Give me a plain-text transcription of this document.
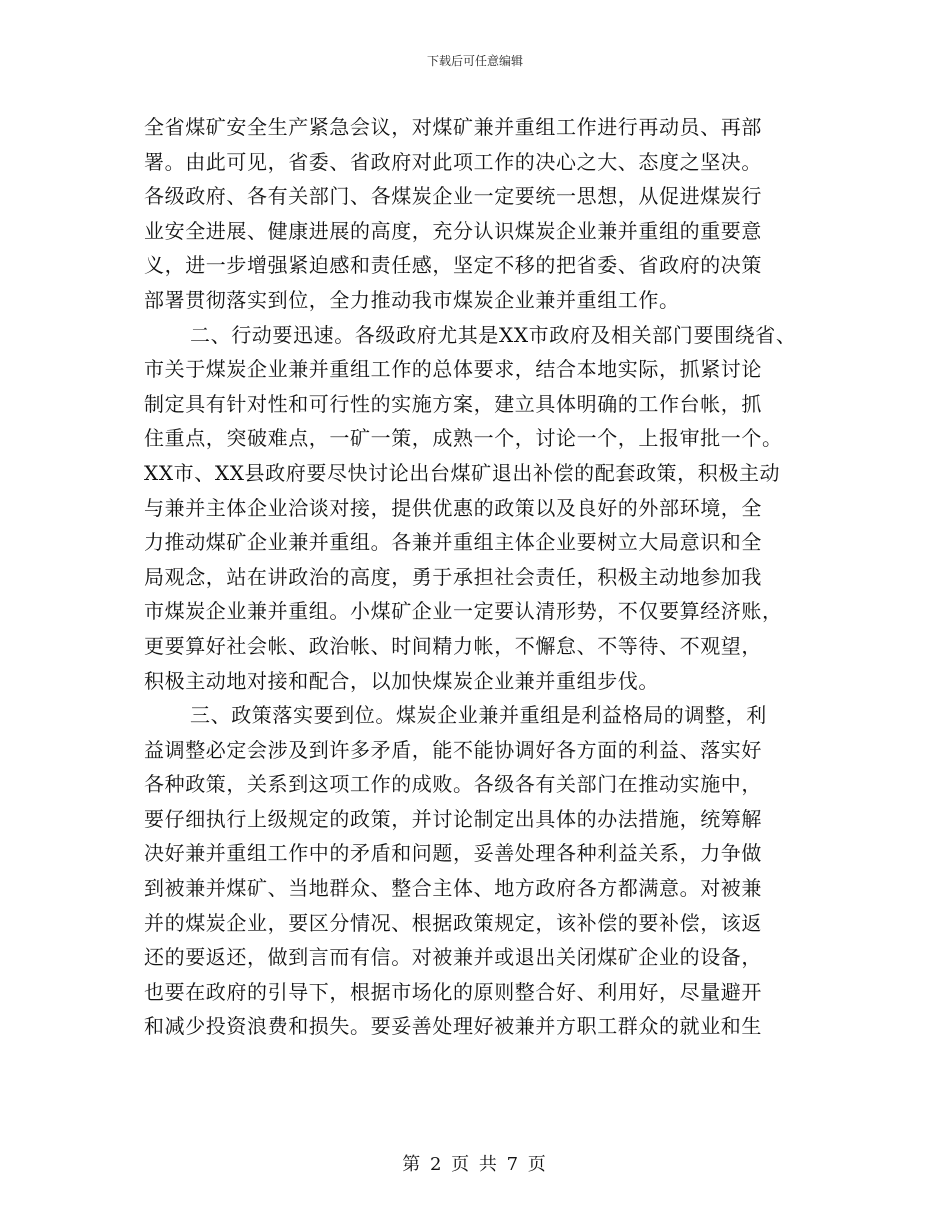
下载后可任意编辑
全省煤矿安全生产紧急会议，对煤矿兼并重组工作进行再动员、再部
署。由此可见，省委、省政府对此项工作的决心之大、态度之坚决。
各级政府、各有关部门、各煤炭企业一定要统一思想，从促进煤炭行
业安全进展、健康进展的高度，充分认识煤炭企业兼并重组的重要意
义，进一步增强紧迫感和责任感，坚定不移的把省委、省政府的决策
部署贯彻落实到位，全力推动我市煤炭企业兼并重组工作。
二、行动要迅速。各级政府尤其是XX市政府及相关部门要围绕省、
市关于煤炭企业兼并重组工作的总体要求，结合本地实际，抓紧讨论
制定具有针对性和可行性的实施方案，建立具体明确的工作台帐，抓
住重点，突破难点，一矿一策，成熟一个，讨论一个，上报审批一个。
XX市、XX县政府要尽快讨论出台煤矿退出补偿的配套政策，积极主动
与兼并主体企业洽谈对接，提供优惠的政策以及良好的外部环境，全
力推动煤矿企业兼并重组。各兼并重组主体企业要树立大局意识和全
局观念，站在讲政治的高度，勇于承担社会责任，积极主动地参加我
市煤炭企业兼并重组。小煤矿企业一定要认清形势，不仅要算经济账，
更要算好社会帐、政治帐、时间精力帐，不懈怠、不等待、不观望，
积极主动地对接和配合，以加快煤炭企业兼并重组步伐。
三、政策落实要到位。煤炭企业兼并重组是利益格局的调整，利
益调整必定会涉及到许多矛盾，能不能协调好各方面的利益、落实好
各种政策，关系到这项工作的成败。各级各有关部门在推动实施中，
要仔细执行上级规定的政策，并讨论制定出具体的办法措施，统筹解
决好兼并重组工作中的矛盾和问题，妥善处理各种利益关系，力争做
到被兼并煤矿、当地群众、整合主体、地方政府各方都满意。对被兼
并的煤炭企业，要区分情况、根据政策规定，该补偿的要补偿，该返
还的要返还，做到言而有信。对被兼并或退出关闭煤矿企业的设备，
也要在政府的引导下，根据市场化的原则整合好、利用好，尽量避开
和减少投资浪费和损失。要妥善处理好被兼并方职工群众的就业和生
第 2 页 共 7 页
